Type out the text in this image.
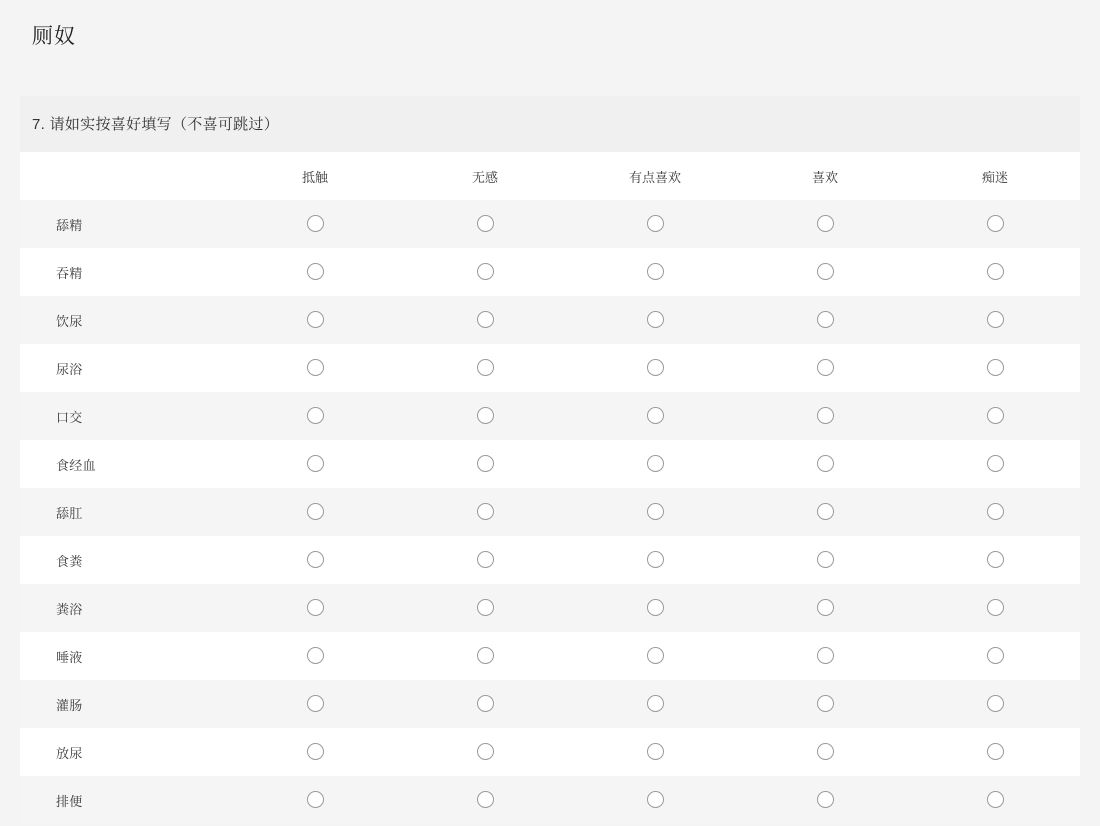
厕奴
7. 请如实按喜好填写（不喜可跳过）
	抵触	无感	有点喜欢	喜欢	痴迷
舔精					
吞精					
饮尿					
尿浴					
口交					
食经血					
舔肛					
食粪					
粪浴					
唾液					
灌肠					
放尿					
排便					
